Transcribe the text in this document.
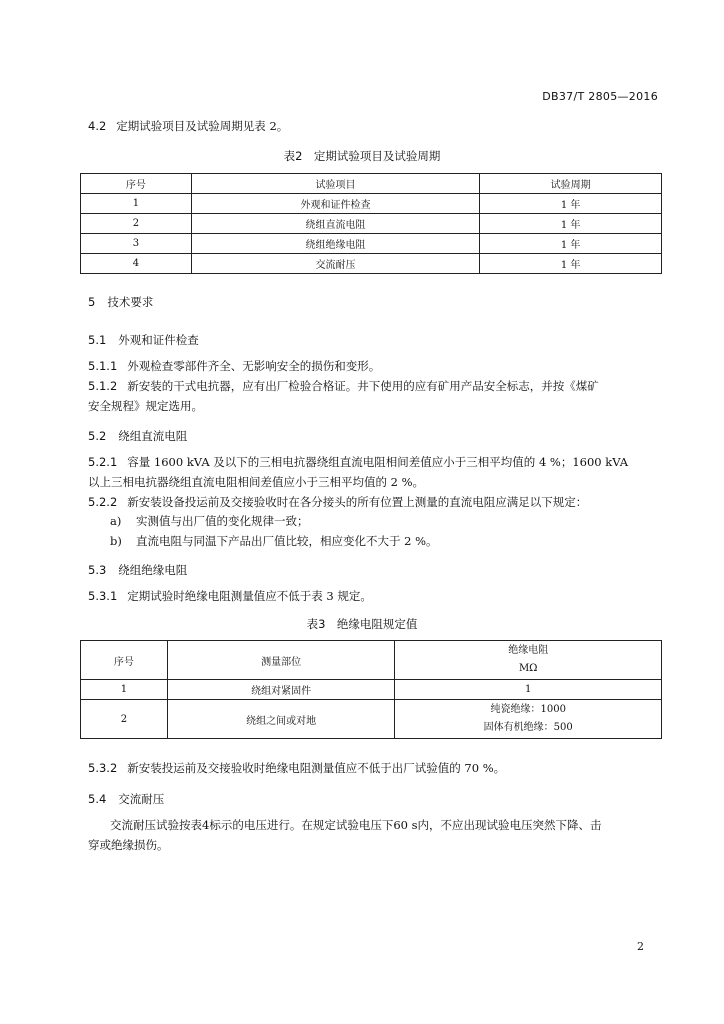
DB37/T 2805—2016
4.2 定期试验项目及试验周期见表 2。
表2　定期试验项目及试验周期
序号	试验项目	试验周期
1	外观和证件检查	1 年
2	绕组直流电阻	1 年
3	绕组绝缘电阻	1 年
4	交流耐压	1 年
5 技术要求
5.1 外观和证件检查
5.1.1 外观检查零部件齐全、无影响安全的损伤和变形。
5.1.2 新安装的干式电抗器，应有出厂检验合格证。井下使用的应有矿用产品安全标志，并按《煤矿
安全规程》规定选用。
5.2 绕组直流电阻
5.2.1 容量 1600 kVA 及以下的三相电抗器绕组直流电阻相间差值应小于三相平均值的 4 %；1600 kVA
以上三相电抗器绕组直流电阻相间差值应小于三相平均值的 2 %。
5.2.2 新安装设备投运前及交接验收时在各分接头的所有位置上测量的直流电阻应满足以下规定：
a) 实测值与出厂值的变化规律一致；
b) 直流电阻与同温下产品出厂值比较，相应变化不大于 2 %。
5.3 绕组绝缘电阻
5.3.1 定期试验时绝缘电阻测量值应不低于表 3 规定。
表3　绝缘电阻规定值
序号	测量部位	绝缘电阻
MΩ
1	绕组对紧固件	1
2	绕组之间或对地	纯瓷绝缘：1000
固体有机绝缘：500
5.3.2 新安装投运前及交接验收时绝缘电阻测量值应不低于出厂试验值的 70 %。
5.4 交流耐压
交流耐压试验按表4标示的电压进行。在规定试验电压下60 s内，不应出现试验电压突然下降、击
穿或绝缘损伤。
2
